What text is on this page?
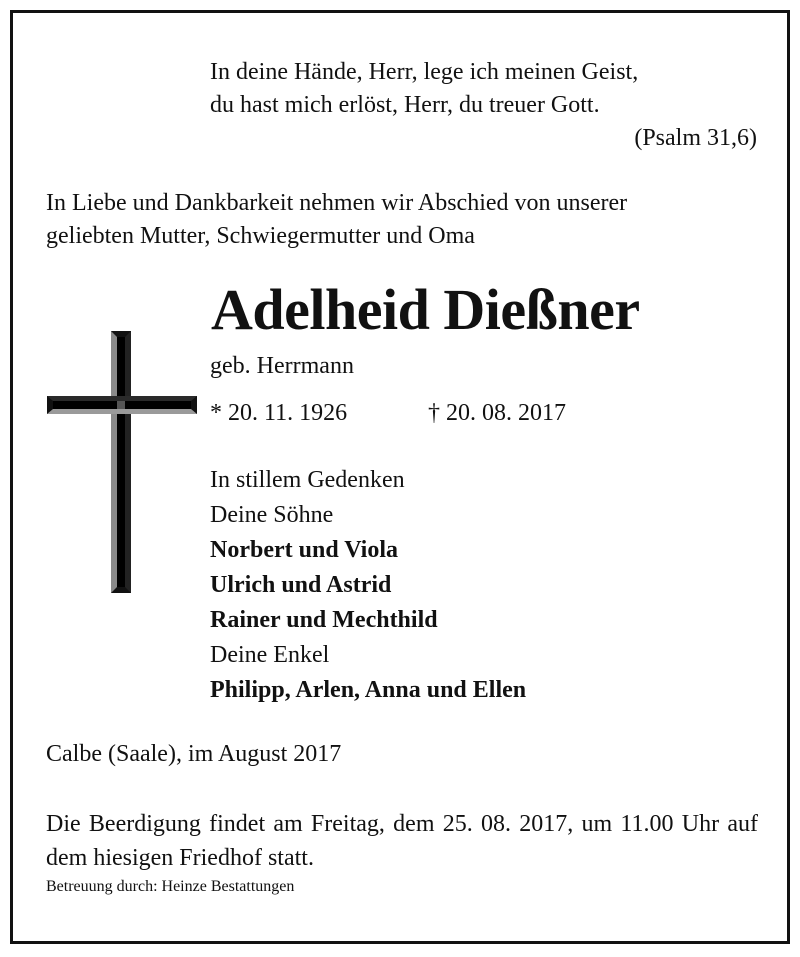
In deine Hände, Herr, lege ich meinen Geist,
du hast mich erlöst, Herr, du treuer Gott.
(Psalm 31,6)
In Liebe und Dankbarkeit nehmen wir Abschied von unserer
geliebten Mutter, Schwiegermutter und Oma
Adelheid Dießner
geb. Herrmann
* 20. 11. 1926	† 20. 08. 2017
In stillem Gedenken
Deine Söhne
Norbert und Viola
Ulrich und Astrid
Rainer und Mechthild
Deine Enkel
Philipp, Arlen, Anna und Ellen
Calbe (Saale), im August 2017
Die Beerdigung findet am Freitag, dem 25. 08. 2017, um 11.00 Uhr auf dem hiesigen Friedhof statt.
Betreuung durch: Heinze Bestattungen
